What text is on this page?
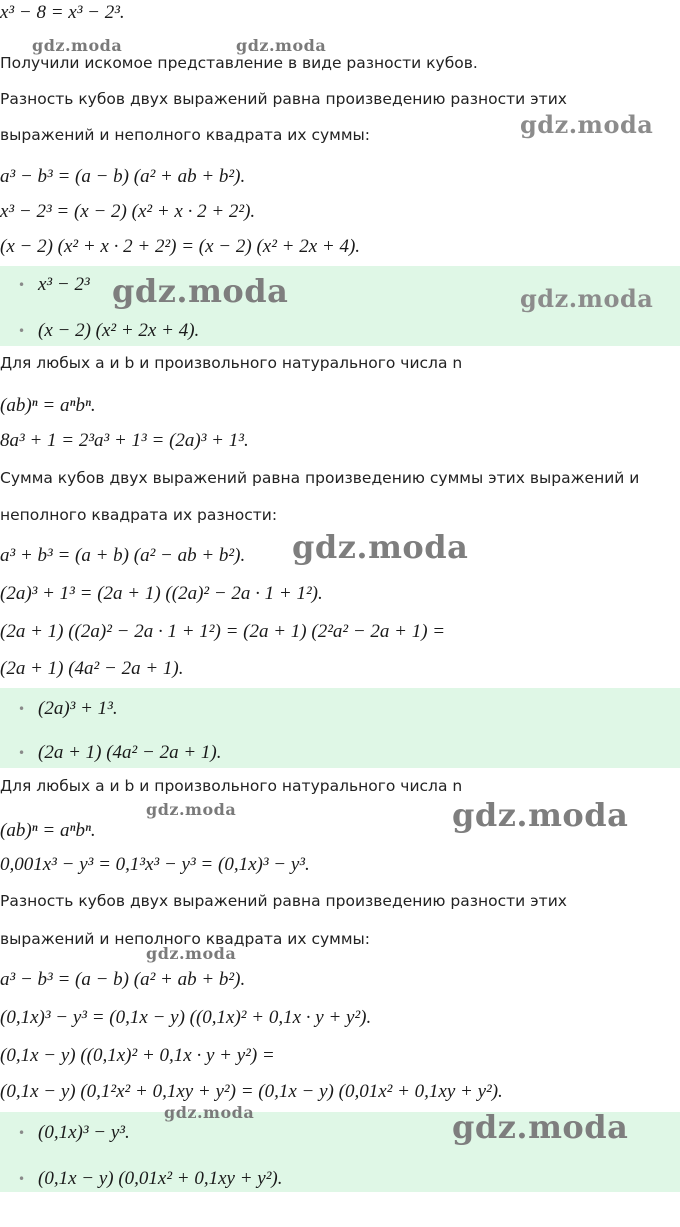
x³ − 8 = x³ − 2³.
Получили искомое представление в виде разности кубов.
Разность кубов двух выражений равна произведению разности этих
выражений и неполного квадрата их суммы:
a³ − b³ = (a − b) (a² + ab + b²).
x³ − 2³ = (x − 2) (x² + x · 2 + 2²).
(x − 2) (x² + x · 2 + 2²) = (x − 2) (x² + 2x + 4).
• x³ − 2³
• (x − 2) (x² + 2x + 4).
Для любых a и b и произвольного натурального числа n
(ab)ⁿ = aⁿbⁿ.
8a³ + 1 = 2³a³ + 1³ = (2a)³ + 1³.
Сумма кубов двух выражений равна произведению суммы этих выражений и
неполного квадрата их разности:
a³ + b³ = (a + b) (a² − ab + b²).
(2a)³ + 1³ = (2a + 1) ((2a)² − 2a · 1 + 1²).
(2a + 1) ((2a)² − 2a · 1 + 1²) = (2a + 1) (2²a² − 2a + 1) =
(2a + 1) (4a² − 2a + 1).
• (2a)³ + 1³.
• (2a + 1) (4a² − 2a + 1).
Для любых a и b и произвольного натурального числа n
(ab)ⁿ = aⁿbⁿ.
0,001x³ − y³ = 0,1³x³ − y³ = (0,1x)³ − y³.
Разность кубов двух выражений равна произведению разности этих
выражений и неполного квадрата их суммы:
a³ − b³ = (a − b) (a² + ab + b²).
(0,1x)³ − y³ = (0,1x − y) ((0,1x)² + 0,1x · y + y²).
(0,1x − y) ((0,1x)² + 0,1x · y + y²) =
(0,1x − y) (0,1²x² + 0,1xy + y²) = (0,1x − y) (0,01x² + 0,1xy + y²).
• (0,1x)³ − y³.
• (0,1x − y) (0,01x² + 0,1xy + y²).
gdz.moda	gdz.moda
gdz.moda
gdz.moda	gdz.moda
gdz.moda
gdz.moda	gdz.moda
gdz.moda
gdz.moda	gdz.moda
